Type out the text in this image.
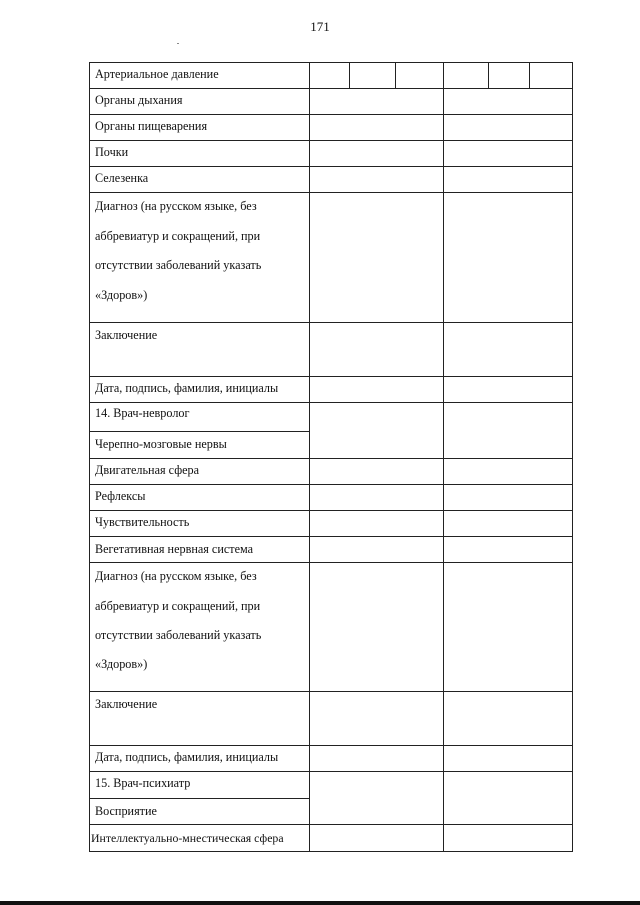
171
Артериальное давление
Органы дыхания
Органы пищеварения
Почки
Селезенка
Диагноз (на русском языке, без
аббревиатур и сокращений, при
отсутствии заболеваний указать
«Здоров»)
Заключение
Дата, подпись, фамилия, инициалы
14. Врач-невролог
Черепно-мозговые нервы
Двигательная сфера
Рефлексы
Чувствительность
Вегетативная нервная система
Диагноз (на русском языке, без
аббревиатур и сокращений, при
отсутствии заболеваний указать
«Здоров»)
Заключение
Дата, подпись, фамилия, инициалы
15. Врач-психиатр
Восприятие
Интеллектуально-мнестическая сфера
